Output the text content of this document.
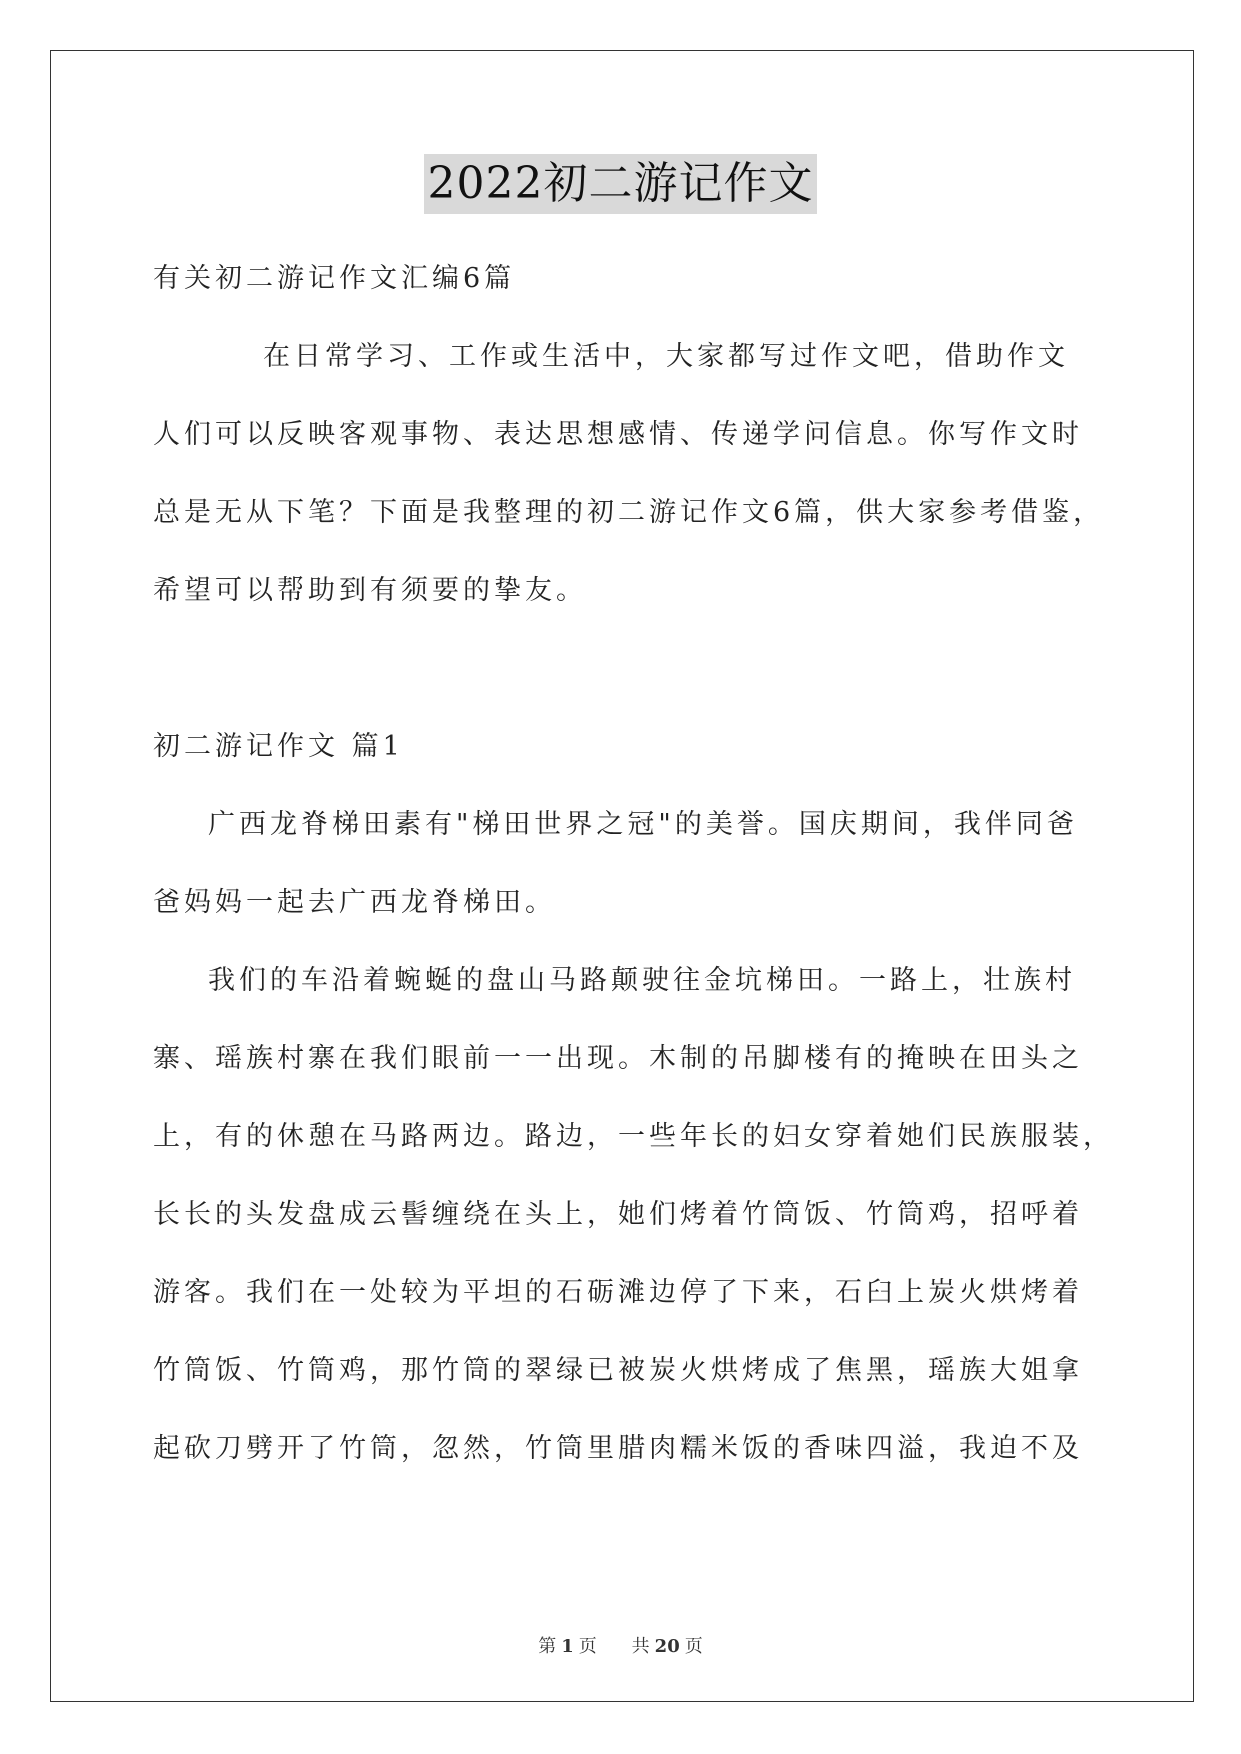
2022初二游记作文
有关初二游记作文汇编6篇
在日常学习、工作或生活中，大家都写过作文吧，借助作文
人们可以反映客观事物、表达思想感情、传递学问信息。你写作文时
总是无从下笔？下面是我整理的初二游记作文6篇，供大家参考借鉴，
希望可以帮助到有须要的挚友。
初二游记作文 篇1
广西龙脊梯田素有"梯田世界之冠"的美誉。国庆期间，我伴同爸
爸妈妈一起去广西龙脊梯田。
我们的车沿着蜿蜒的盘山马路颠驶往金坑梯田。一路上，壮族村
寨、瑶族村寨在我们眼前一一出现。木制的吊脚楼有的掩映在田头之
上，有的休憩在马路两边。路边，一些年长的妇女穿着她们民族服装，
长长的头发盘成云髻缠绕在头上，她们烤着竹筒饭、竹筒鸡，招呼着
游客。我们在一处较为平坦的石砺滩边停了下来，石臼上炭火烘烤着
竹筒饭、竹筒鸡，那竹筒的翠绿已被炭火烘烤成了焦黑，瑶族大姐拿
起砍刀劈开了竹筒，忽然，竹筒里腊肉糯米饭的香味四溢，我迫不及
第 1 页 共 20 页
